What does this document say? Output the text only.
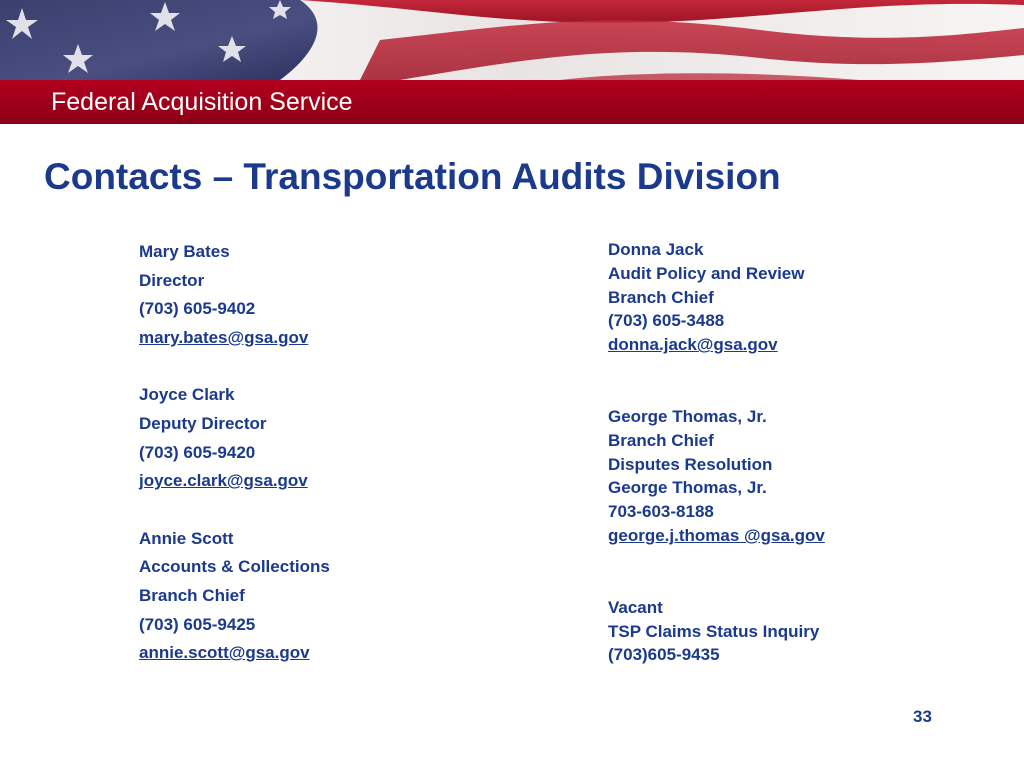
Federal Acquisition Service
Contacts – Transportation Audits Division
Mary Bates
Director
(703) 605-9402
mary.bates@gsa.gov
Joyce Clark
Deputy Director
(703) 605-9420
joyce.clark@gsa.gov
Annie Scott
Accounts & Collections
Branch Chief
(703) 605-9425
annie.scott@gsa.gov
Donna Jack
Audit Policy and Review
Branch Chief
(703) 605-3488
donna.jack@gsa.gov
George Thomas, Jr.
Branch Chief
Disputes Resolution
George Thomas, Jr.
703-603-8188
george.j.thomas @gsa.gov
Vacant
TSP Claims Status Inquiry
(703)605-9435
33
